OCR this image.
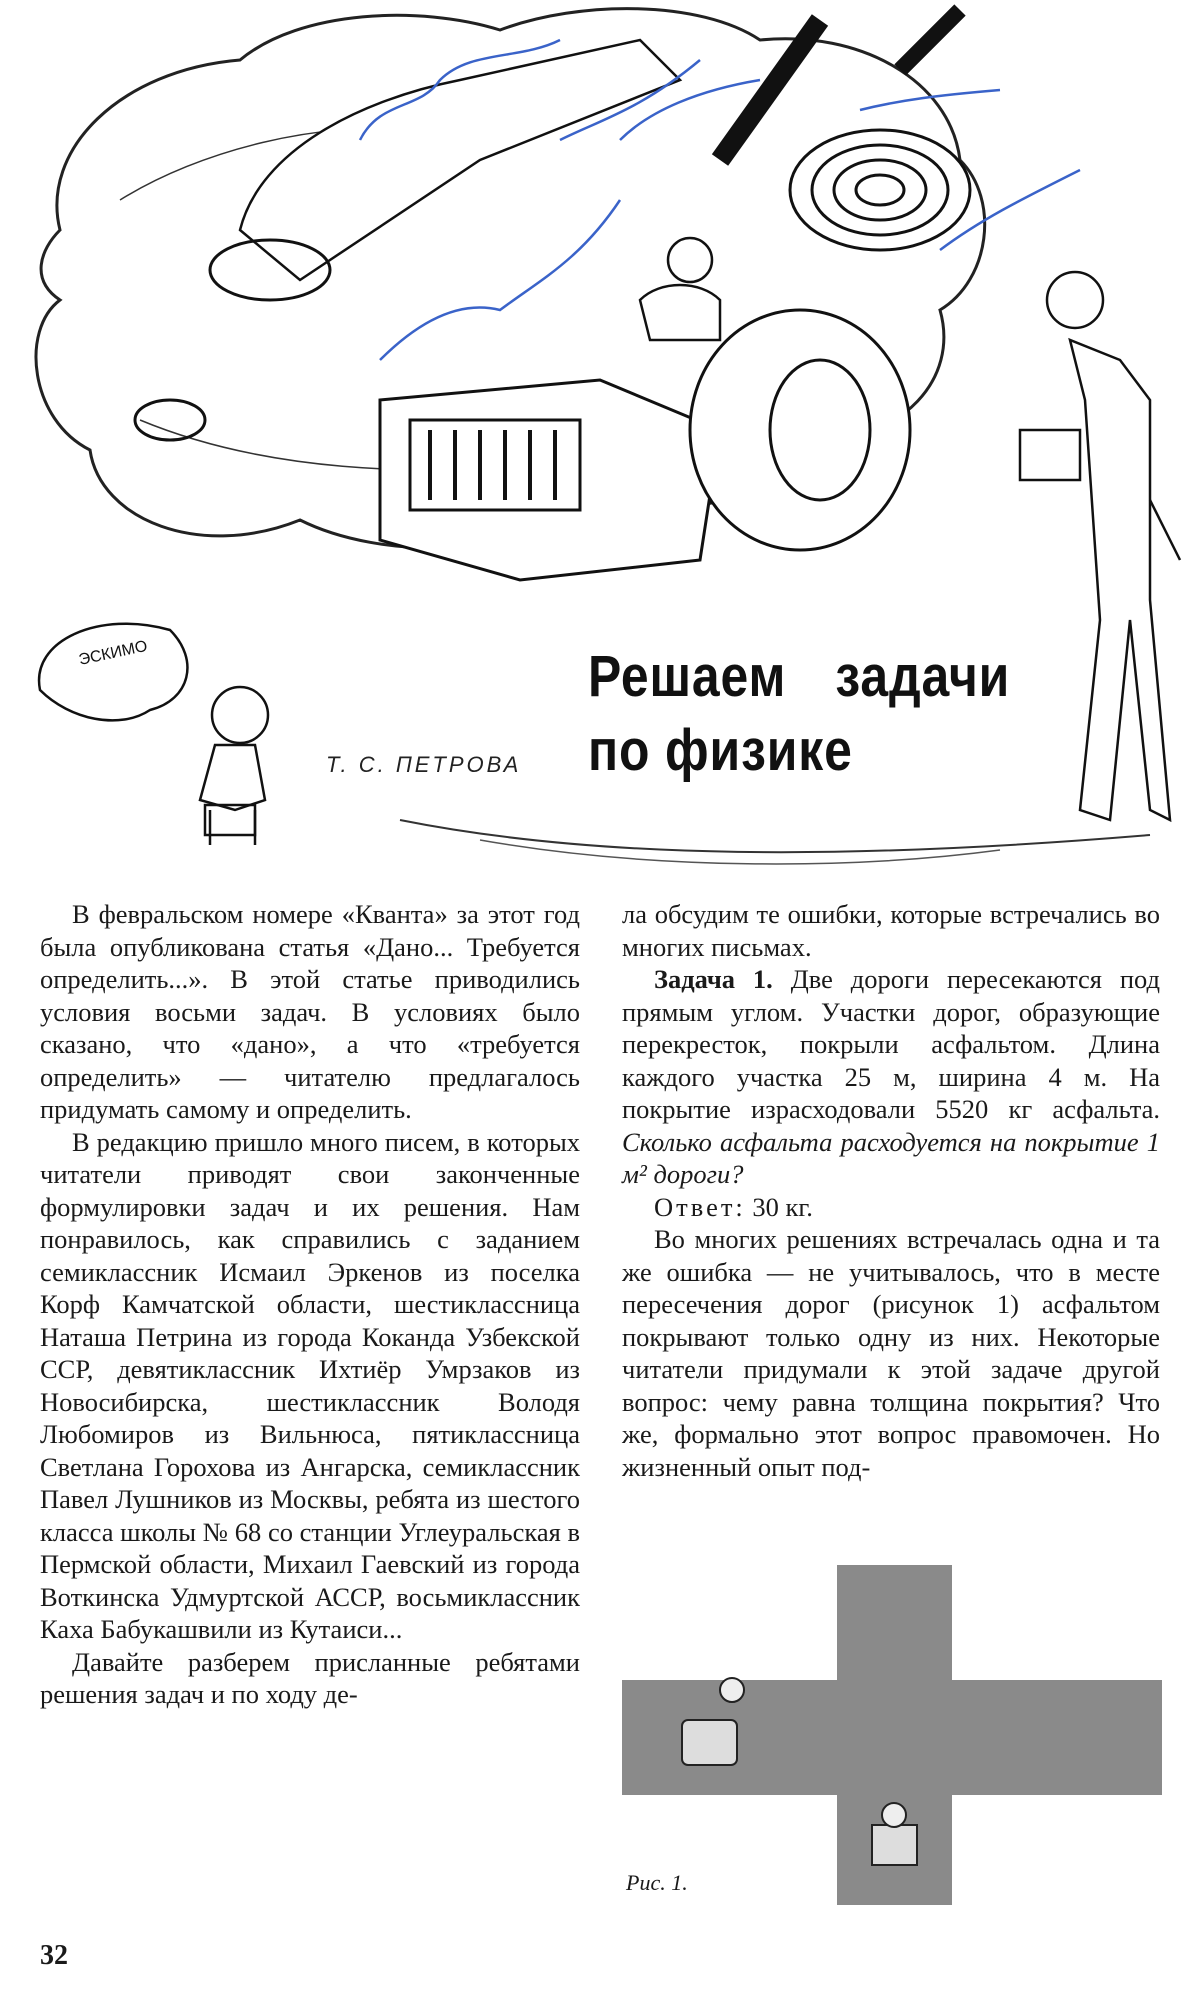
ЭСКИМО	Решаем задачи
по физике
Т. С. ПЕТРОВА

В февральском номере «Кванта» за этот год была опубликована статья «Дано... Требуется определить...». В этой статье приводились условия восьми задач. В условиях было сказано, что «дано», а что «требуется определить» — читателю предлагалось придумать самому и определить.

В редакцию пришло много писем, в которых читатели приводят свои законченные формулировки задач и их решения. Нам понравилось, как справились с заданием семиклассник Исмаил Эркенов из поселка Корф Камчатской области, шестиклассница Наташа Петрина из города Коканда Узбекской ССР, девятиклассник Ихтиёр Умрзаков из Новосибирска, шестиклассник Володя Любомиров из Вильнюса, пятиклассница Светлана Горохова из Ангарска, семиклассник Павел Лушников из Москвы, ребята из шестого класса школы № 68 со станции Углеуральская в Пермской области, Михаил Гаевский из города Воткинска Удмуртской АССР, восьмиклассник Каха Бабукашвили из Кутаиси...

Давайте разберем присланные ребятами решения задач и по ходу де-

ла обсудим те ошибки, которые встречались во многих письмах.

Задача 1. Две дороги пересекаются под прямым углом. Участки дорог, образующие перекресток, покрыли асфальтом. Длина каждого участка 25 м, ширина 4 м. На покрытие израсходовали 5520 кг асфальта. Сколько асфальта расходуется на покрытие 1 м² дороги?

Ответ: 30 кг.

Во многих решениях встречалась одна и та же ошибка — не учитывалось, что в месте пересечения дорог (рисунок 1) асфальтом покрывают только одну из них. Некоторые читатели придумали к этой задаче другой вопрос: чему равна толщина покрытия? Что же, формально этот вопрос правомочен. Но жизненный опыт под-

Рис. 1.
32
